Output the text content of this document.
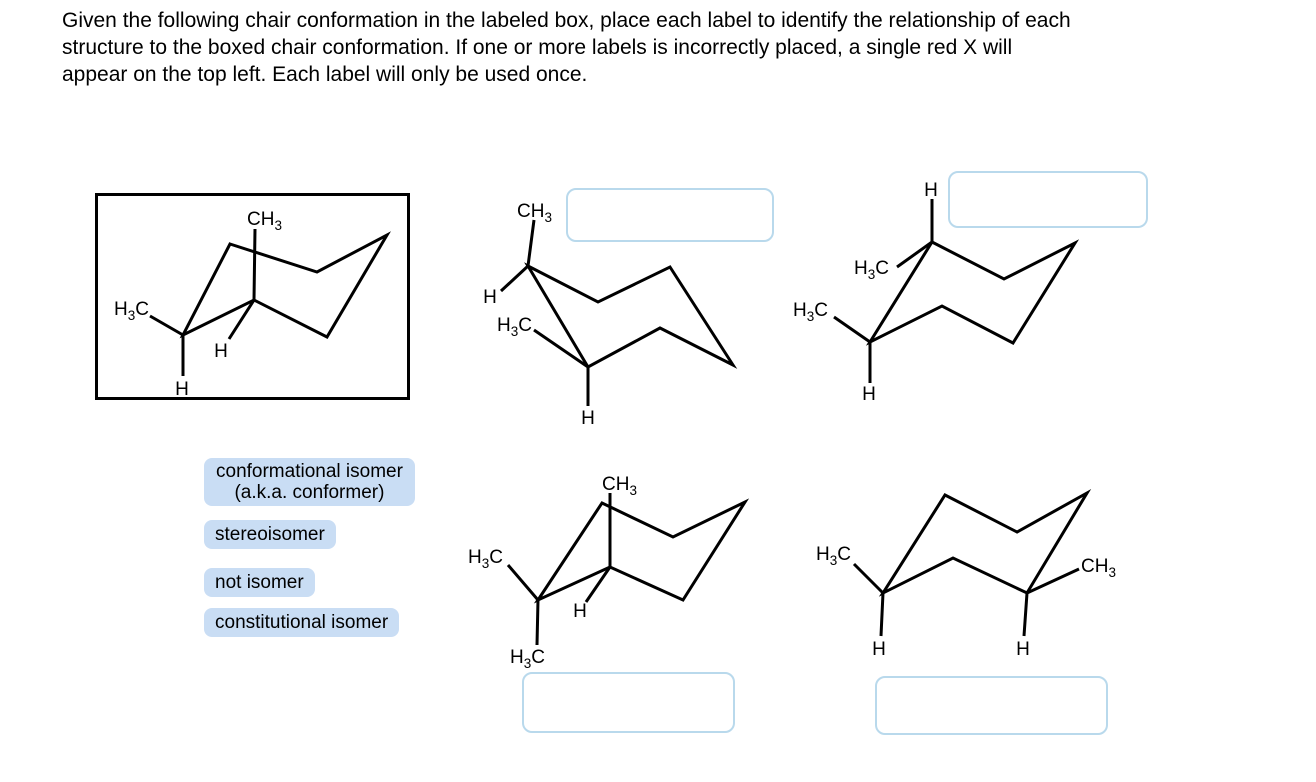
Given the following chair conformation in the labeled box, place each label to identify the relationship of each
structure to the boxed chair conformation. If one or more labels is incorrectly placed, a single red X will
appear on the top left. Each label will only be used once.
$CH_3$
$H_3C$
H
H
$CH_3$
H
$H_3C$
H
H
$H_3C$
$H_3C$
H
$CH_3$
$H_3C$
H
$H_3C$
$H_3C$
H
$CH_3$
H
conformational isomer
(a.k.a. conformer)
stereoisomer
not isomer
constitutional isomer
